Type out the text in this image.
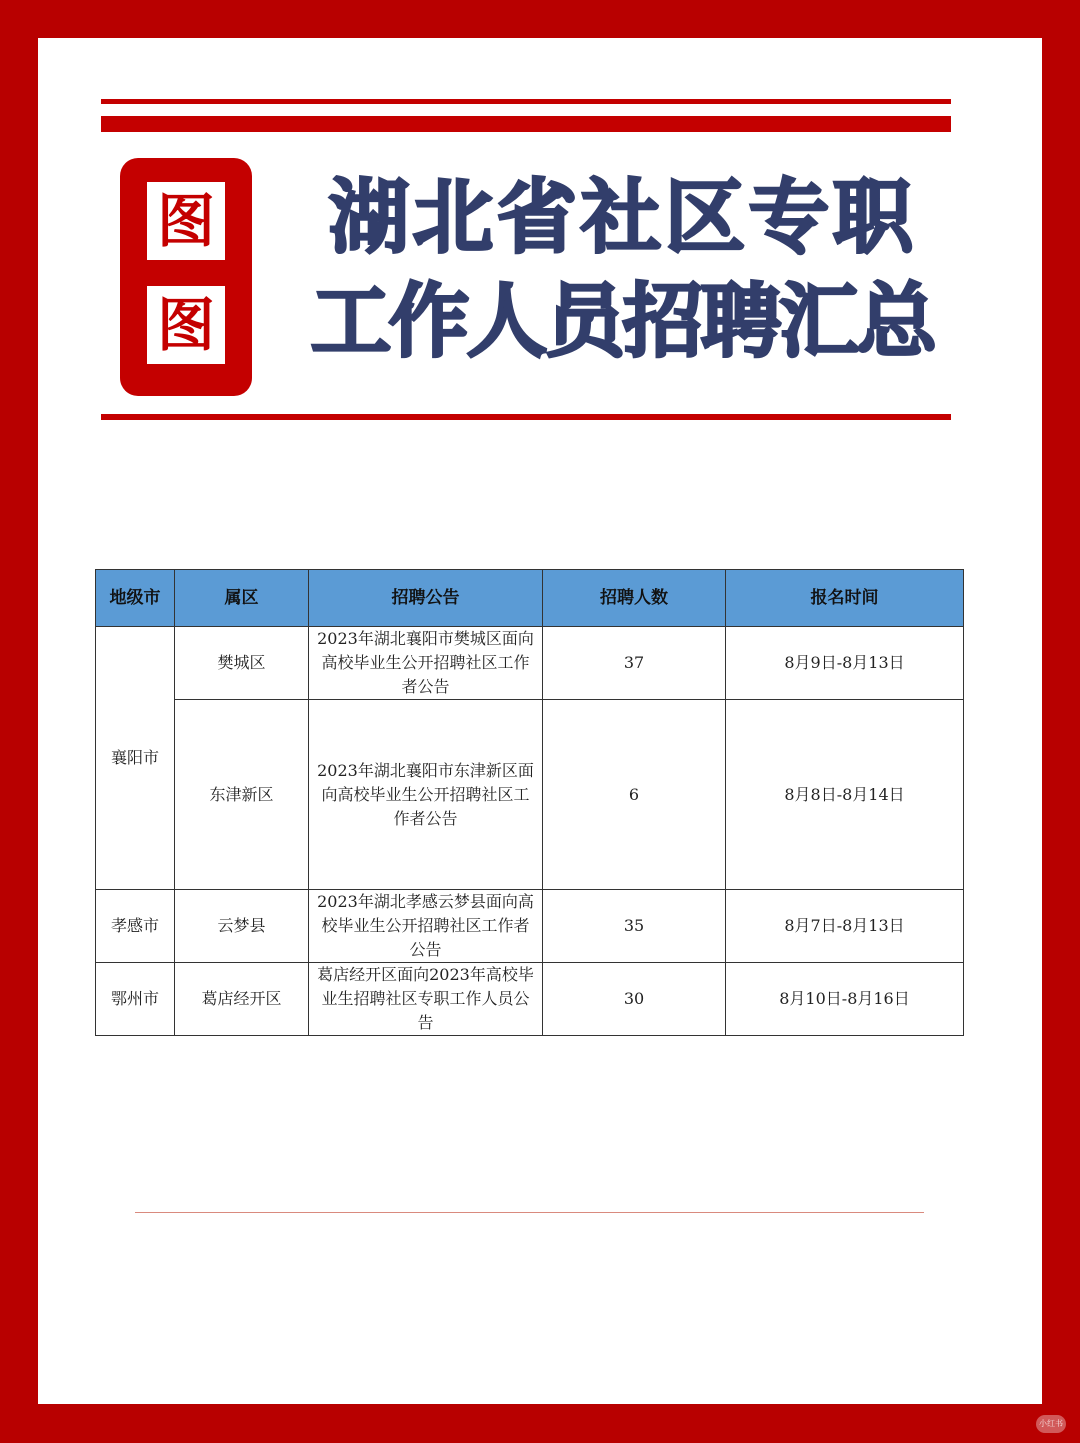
图
图
湖北省社区专职
工作人员招聘汇总
地级市	属区	招聘公告	招聘人数	报名时间
襄阳市	樊城区	2023年湖北襄阳市樊城区面向高校毕业生公开招聘社区工作者公告	37	8月9日-8月13日
	东津新区	2023年湖北襄阳市东津新区面向高校毕业生公开招聘社区工作者公告	6	8月8日-8月14日
孝感市	云梦县	2023年湖北孝感云梦县面向高校毕业生公开招聘社区工作者公告	35	8月7日-8月13日
鄂州市	葛店经开区	葛店经开区面向2023年高校毕业生招聘社区专职工作人员公告	30	8月10日-8月16日
小红书
